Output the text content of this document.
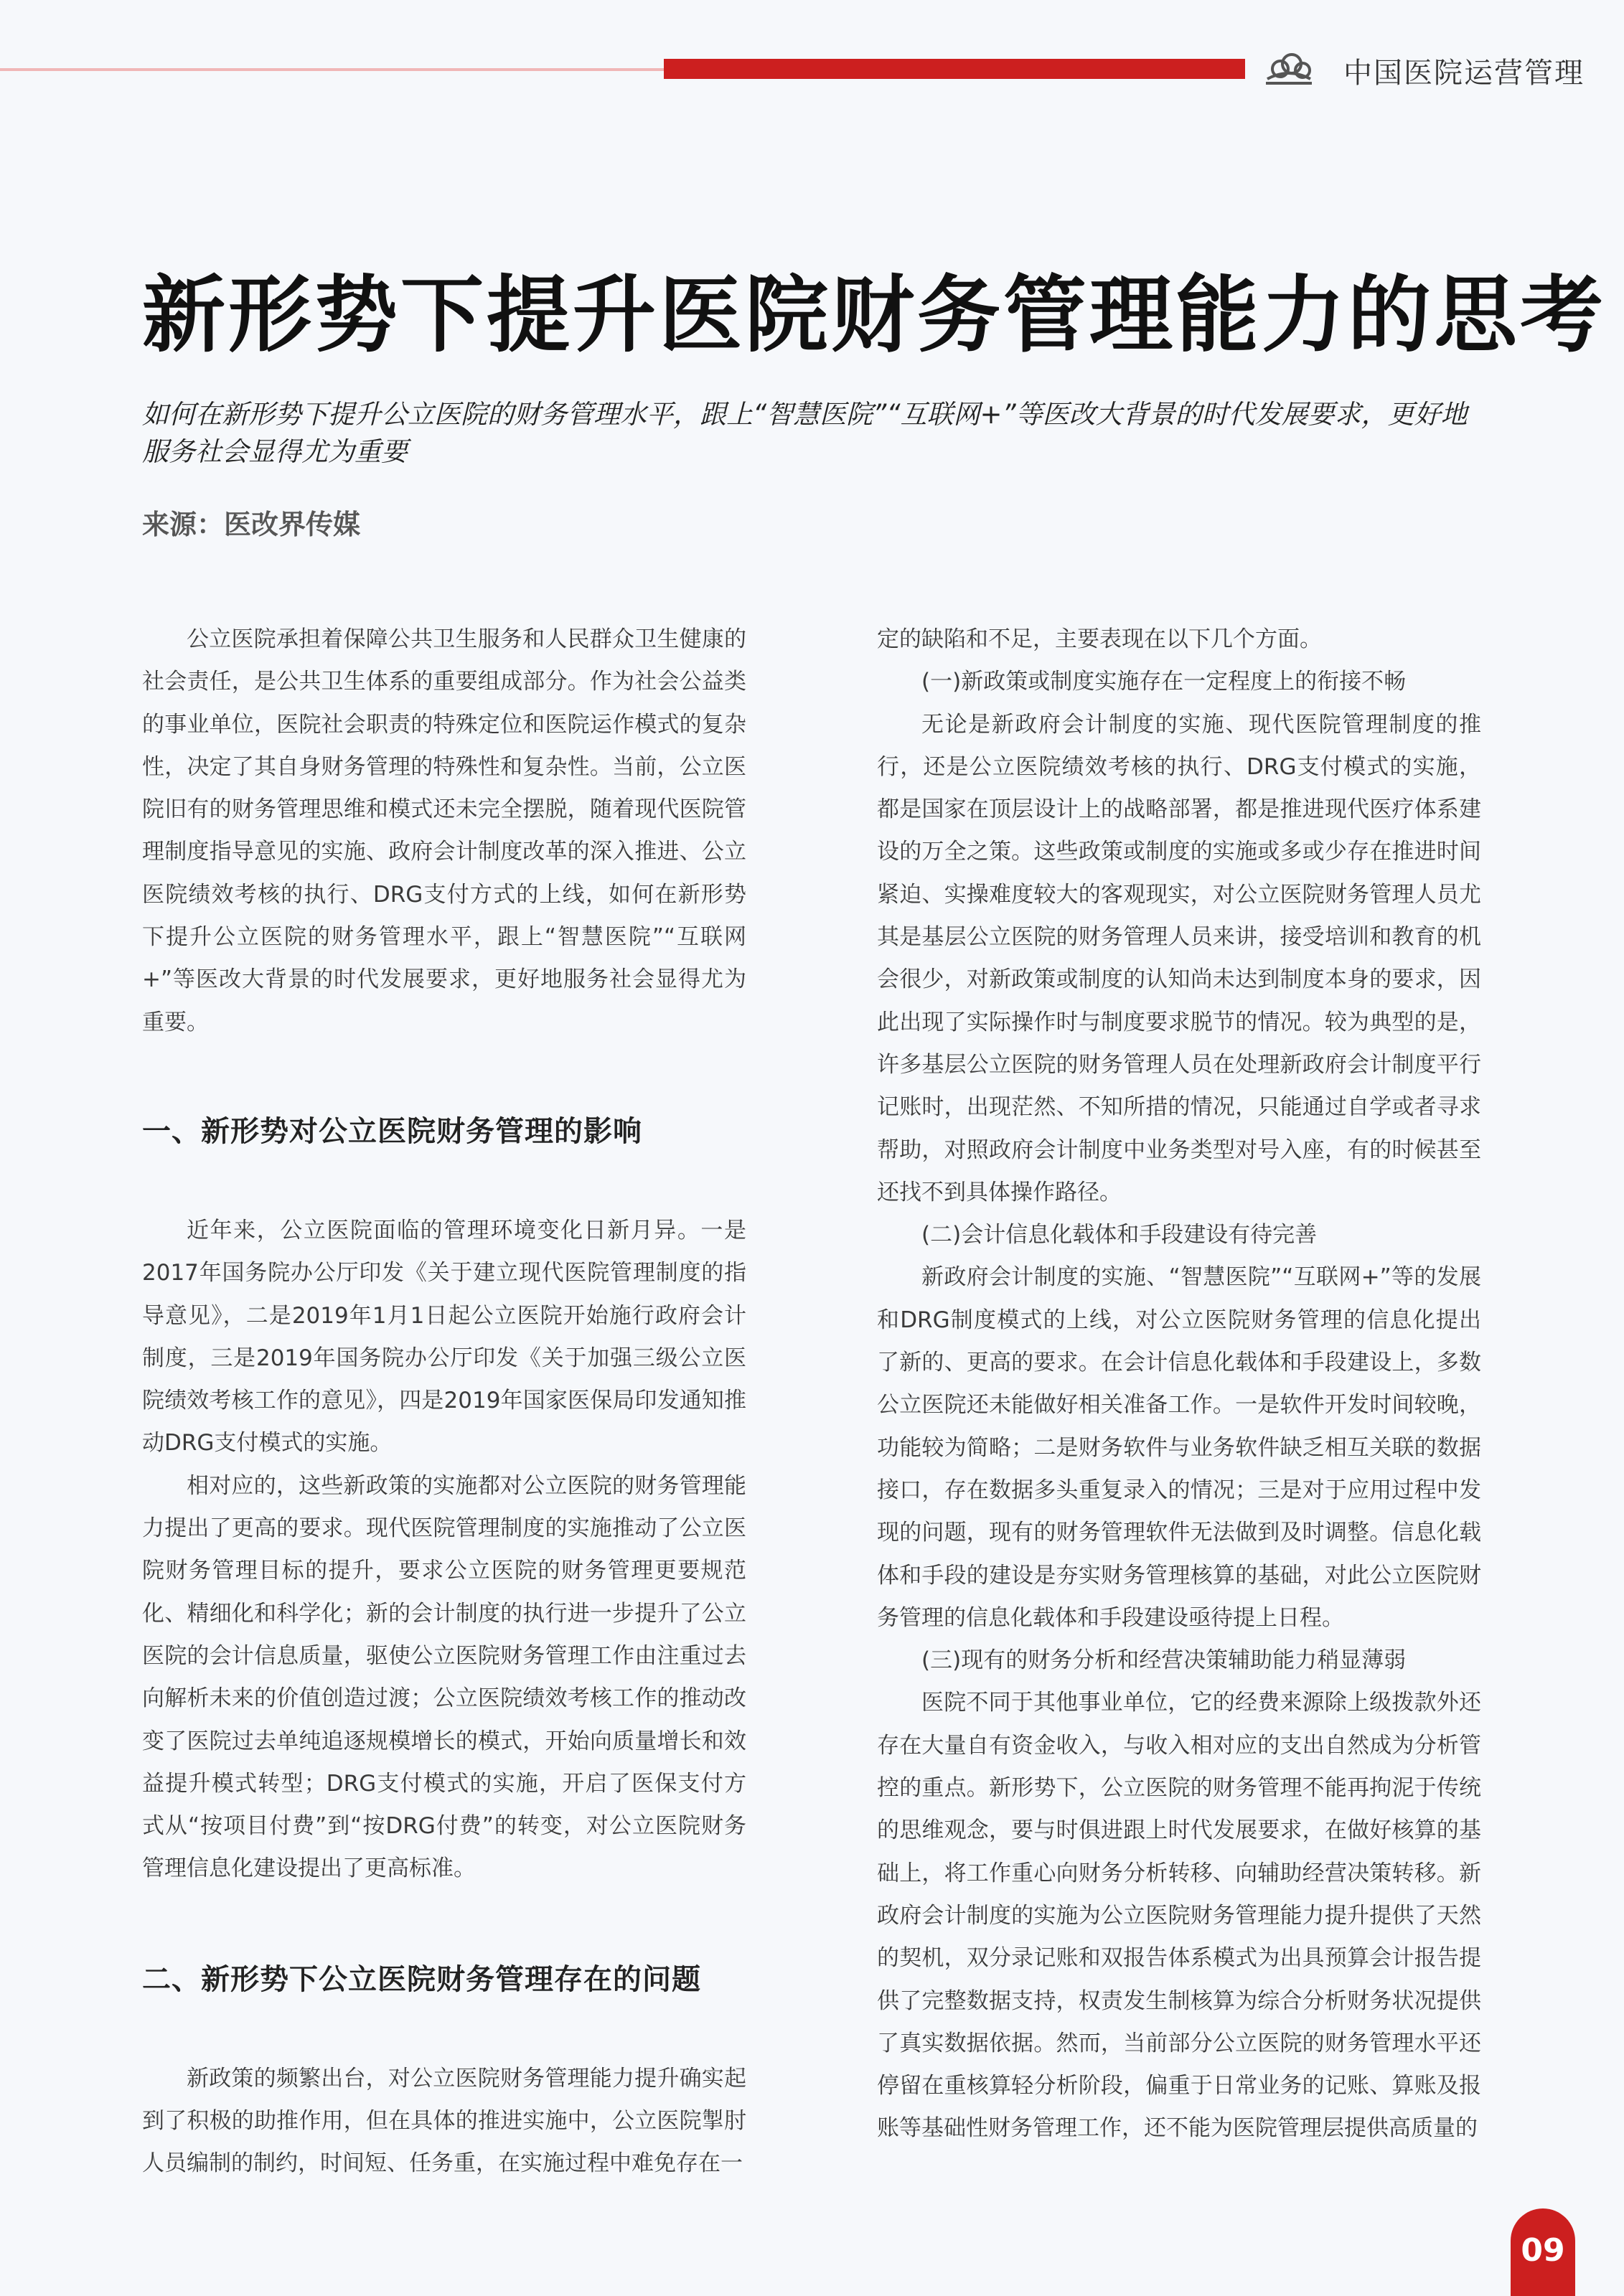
中国医院运营管理
新形势下提升医院财务管理能力的思考

如何在新形势下提升公立医院的财务管理水平，跟上“智慧医院”“互联网+”等医改大背景的时代发展要求，更好地服务社会显得尤为重要

来源：医改界传媒

公立医院承担着保障公共卫生服务和人民群众卫生健康的社会责任，是公共卫生体系的重要组成部分。作为社会公益类的事业单位，医院社会职责的特殊定位和医院运作模式的复杂性，决定了其自身财务管理的特殊性和复杂性。当前，公立医院旧有的财务管理思维和模式还未完全摆脱，随着现代医院管理制度指导意见的实施、政府会计制度改革的深入推进、公立医院绩效考核的执行、DRG支付方式的上线，如何在新形势下提升公立医院的财务管理水平，跟上“智慧医院”“互联网+”等医改大背景的时代发展要求，更好地服务社会显得尤为重要。

一、新形势对公立医院财务管理的影响

近年来，公立医院面临的管理环境变化日新月异。一是2017年国务院办公厅印发《关于建立现代医院管理制度的指导意见》，二是2019年1月1日起公立医院开始施行政府会计制度，三是2019年国务院办公厅印发《关于加强三级公立医院绩效考核工作的意见》，四是2019年国家医保局印发通知推动DRG支付模式的实施。

相对应的，这些新政策的实施都对公立医院的财务管理能力提出了更高的要求。现代医院管理制度的实施推动了公立医院财务管理目标的提升，要求公立医院的财务管理更要规范化、精细化和科学化；新的会计制度的执行进一步提升了公立医院的会计信息质量，驱使公立医院财务管理工作由注重过去向解析未来的价值创造过渡；公立医院绩效考核工作的推动改变了医院过去单纯追逐规模增长的模式，开始向质量增长和效益提升模式转型；DRG支付模式的实施，开启了医保支付方式从“按项目付费”到“按DRG付费”的转变，对公立医院财务管理信息化建设提出了更高标准。

二、新形势下公立医院财务管理存在的问题

新政策的频繁出台，对公立医院财务管理能力提升确实起到了积极的助推作用，但在具体的推进实施中，公立医院掣肘人员编制的制约，时间短、任务重，在实施过程中难免存在一

定的缺陷和不足，主要表现在以下几个方面。

(一)新政策或制度实施存在一定程度上的衔接不畅

无论是新政府会计制度的实施、现代医院管理制度的推行，还是公立医院绩效考核的执行、DRG支付模式的实施，都是国家在顶层设计上的战略部署，都是推进现代医疗体系建设的万全之策。这些政策或制度的实施或多或少存在推进时间紧迫、实操难度较大的客观现实，对公立医院财务管理人员尤其是基层公立医院的财务管理人员来讲，接受培训和教育的机会很少，对新政策或制度的认知尚未达到制度本身的要求，因此出现了实际操作时与制度要求脱节的情况。较为典型的是，许多基层公立医院的财务管理人员在处理新政府会计制度平行记账时，出现茫然、不知所措的情况，只能通过自学或者寻求帮助，对照政府会计制度中业务类型对号入座，有的时候甚至还找不到具体操作路径。

(二)会计信息化载体和手段建设有待完善

新政府会计制度的实施、“智慧医院”“互联网+”等的发展和DRG制度模式的上线，对公立医院财务管理的信息化提出了新的、更高的要求。在会计信息化载体和手段建设上，多数公立医院还未能做好相关准备工作。一是软件开发时间较晚，功能较为简略；二是财务软件与业务软件缺乏相互关联的数据接口，存在数据多头重复录入的情况；三是对于应用过程中发现的问题，现有的财务管理软件无法做到及时调整。信息化载体和手段的建设是夯实财务管理核算的基础，对此公立医院财务管理的信息化载体和手段建设亟待提上日程。

(三)现有的财务分析和经营决策辅助能力稍显薄弱

医院不同于其他事业单位，它的经费来源除上级拨款外还存在大量自有资金收入，与收入相对应的支出自然成为分析管控的重点。新形势下，公立医院的财务管理不能再拘泥于传统的思维观念，要与时俱进跟上时代发展要求，在做好核算的基础上，将工作重心向财务分析转移、向辅助经营决策转移。新政府会计制度的实施为公立医院财务管理能力提升提供了天然的契机，双分录记账和双报告体系模式为出具预算会计报告提供了完整数据支持，权责发生制核算为综合分析财务状况提供了真实数据依据。然而，当前部分公立医院的财务管理水平还停留在重核算轻分析阶段，偏重于日常业务的记账、算账及报账等基础性财务管理工作，还不能为医院管理层提供高质量的

09
